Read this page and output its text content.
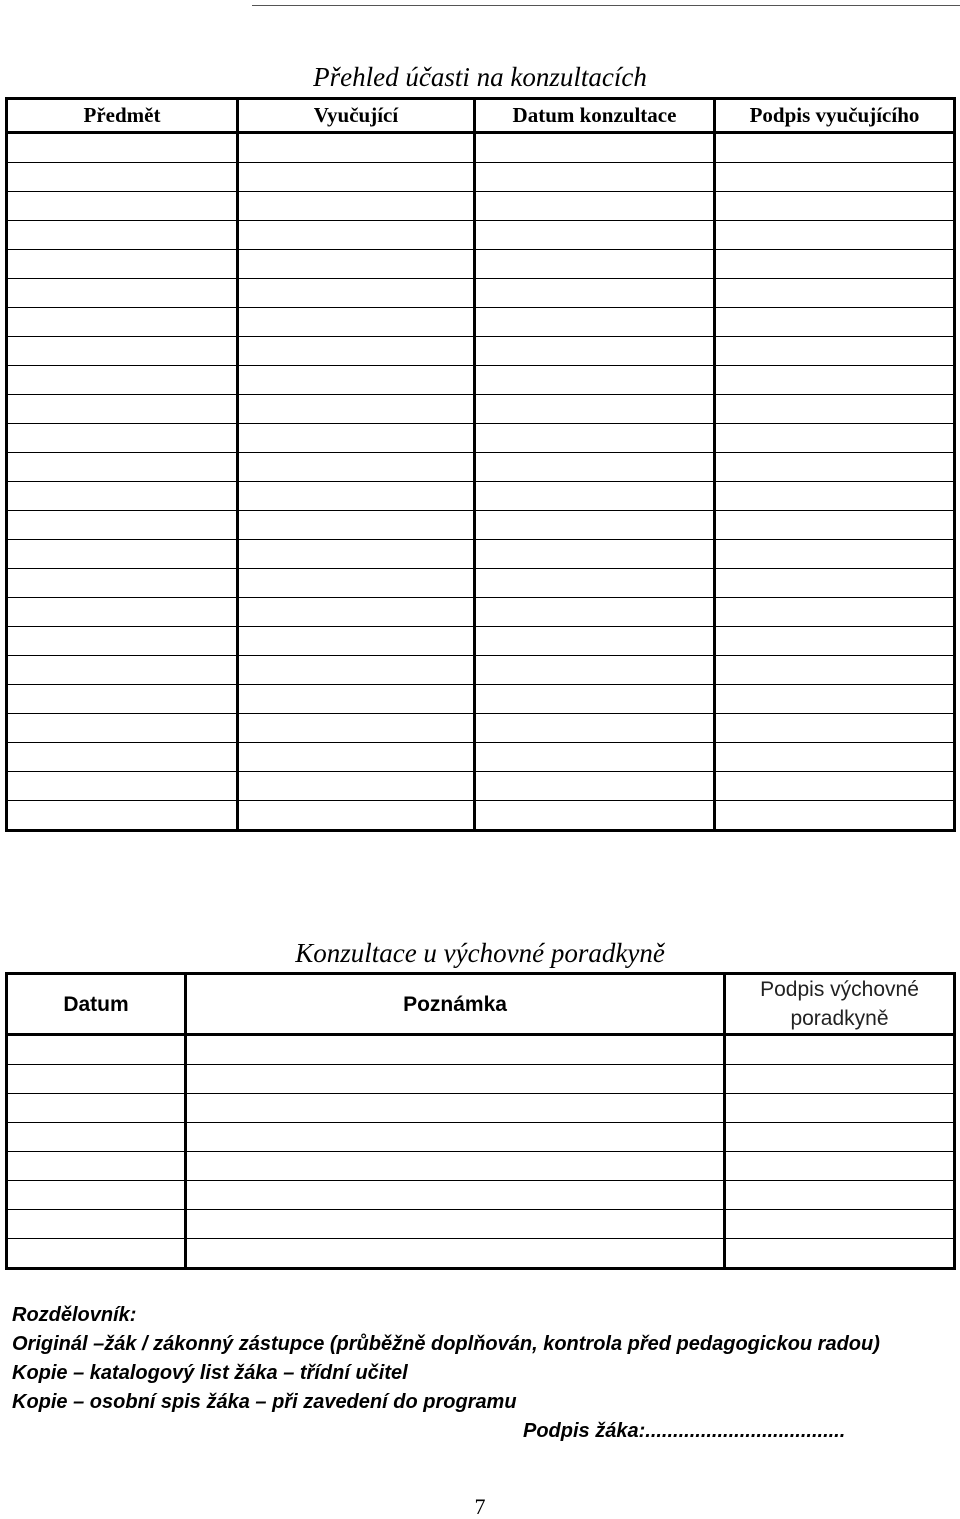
Přehled účasti na konzultacích
Předmět	Vyučující	Datum konzultace	Podpis vyučujícího

Konzultace u výchovné poradkyně
Datum	Poznámka	Podpis výchovné poradkyně

Rozdělovník:
Originál –žák / zákonný zástupce (průběžně doplňován, kontrola před pedagogickou radou)
Kopie – katalogový list žáka – třídní učitel
Kopie – osobní spis žáka – při zavedení do programu
Podpis žáka:....................................
7
